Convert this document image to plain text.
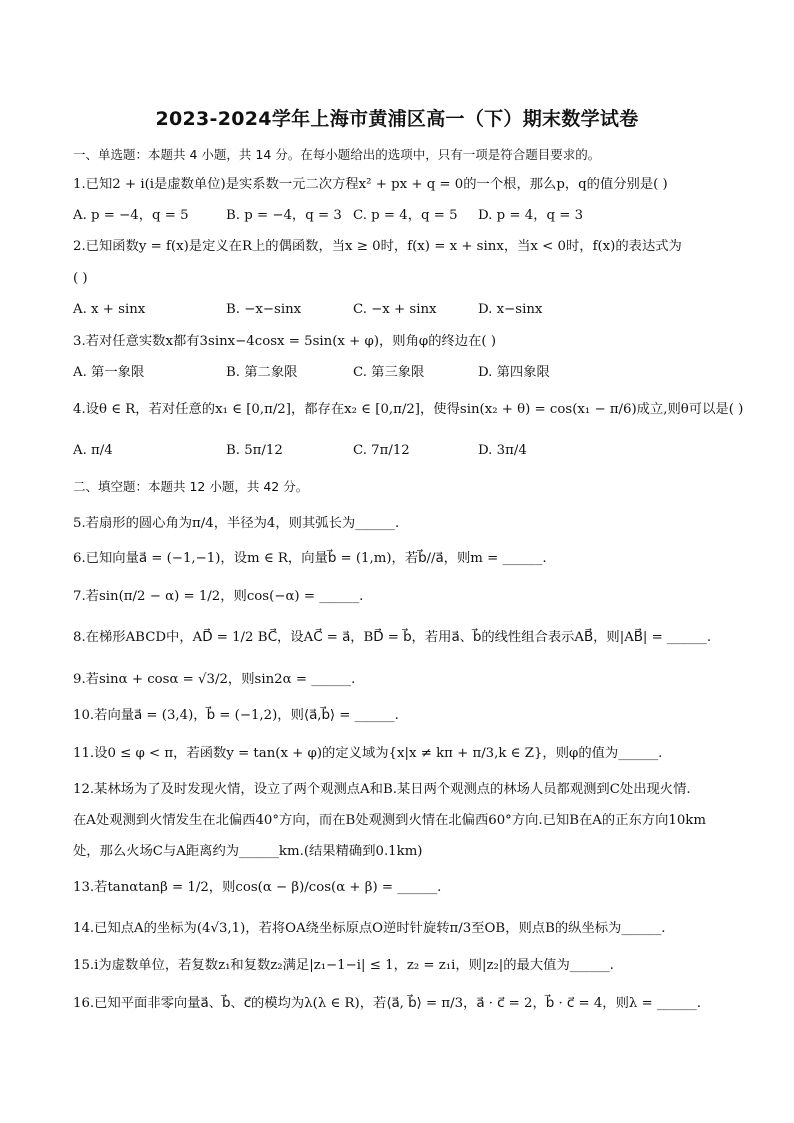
2023-2024学年上海市黄浦区高一（下）期末数学试卷
一、单选题：本题共 4 小题，共 14 分。在每小题给出的选项中，只有一项是符合题目要求的。
1.已知2 + i(i是虚数单位)是实系数一元二次方程x² + px + q = 0的一个根，那么p，q的值分别是( )
A. p = −4，q = 5	B. p = −4，q = 3 C. p = 4，q = 5 D. p = 4，q = 3
2.已知函数y = f(x)是定义在R上的偶函数，当x ≥ 0时，f(x) = x + sinx，当x < 0时，f(x)的表达式为
( )
A. x + sinx	B. −x−sinx	C. −x + sinx	D. x−sinx
3.若对任意实数x都有3sinx−4cosx = 5sin(x + φ)，则角φ的终边在( )
A. 第一象限	B. 第二象限	C. 第三象限	D. 第四象限
4.设θ ∈ R，若对任意的x₁ ∈ [0,π/2]，都存在x₂ ∈ [0,π/2]，使得sin(x₂ + θ) = cos(x₁ − π/6)成立,则θ可以是( )
A. π/4	B. 5π/12	C. 7π/12	D. 3π/4
二、填空题：本题共 12 小题，共 42 分。
5.若扇形的圆心角为π/4，半径为4，则其弧长为______.
6.已知向量a⃗ = (−1,−1)，设m ∈ R，向量b⃗ = (1,m)，若b⃗//a⃗，则m = ______.
7.若sin(π/2 − α) = 1/2，则cos(−α) = ______.
8.在梯形ABCD中，AD⃗ = 1/2 BC⃗，设AC⃗ = a⃗，BD⃗ = b⃗，若用a⃗、b⃗的线性组合表示AB⃗，则|AB⃗| = ______.
9.若sinα + cosα = √3/2，则sin2α = ______.
10.若向量a⃗ = (3,4)，b⃗ = (−1,2)，则⟨a⃗,b⃗⟩ = ______.
11.设0 ≤ φ < π，若函数y = tan(x + φ)的定义域为{x|x ≠ kπ + π/3,k ∈ Z}，则φ的值为______.
12.某林场为了及时发现火情，设立了两个观测点A和B.某日两个观测点的林场人员都观测到C处出现火情.
在A处观测到火情发生在北偏西40°方向，而在B处观测到火情在北偏西60°方向.已知B在A的正东方向10km
处，那么火场C与A距离约为______km.(结果精确到0.1km)
13.若tanαtanβ = 1/2，则cos(α − β)/cos(α + β) = ______.
14.已知点A的坐标为(4√3,1)，若将OA绕坐标原点O逆时针旋转π/3至OB，则点B的纵坐标为______.
15.i为虚数单位，若复数z₁和复数z₂满足|z₁−1−i| ≤ 1，z₂ = z₁i，则|z₂|的最大值为______.
16.已知平面非零向量a⃗、b⃗、c⃗的模均为λ(λ ∈ R)，若⟨a⃗, b⃗⟩ = π/3，a⃗ · c⃗ = 2，b⃗ · c⃗ = 4，则λ = ______.
